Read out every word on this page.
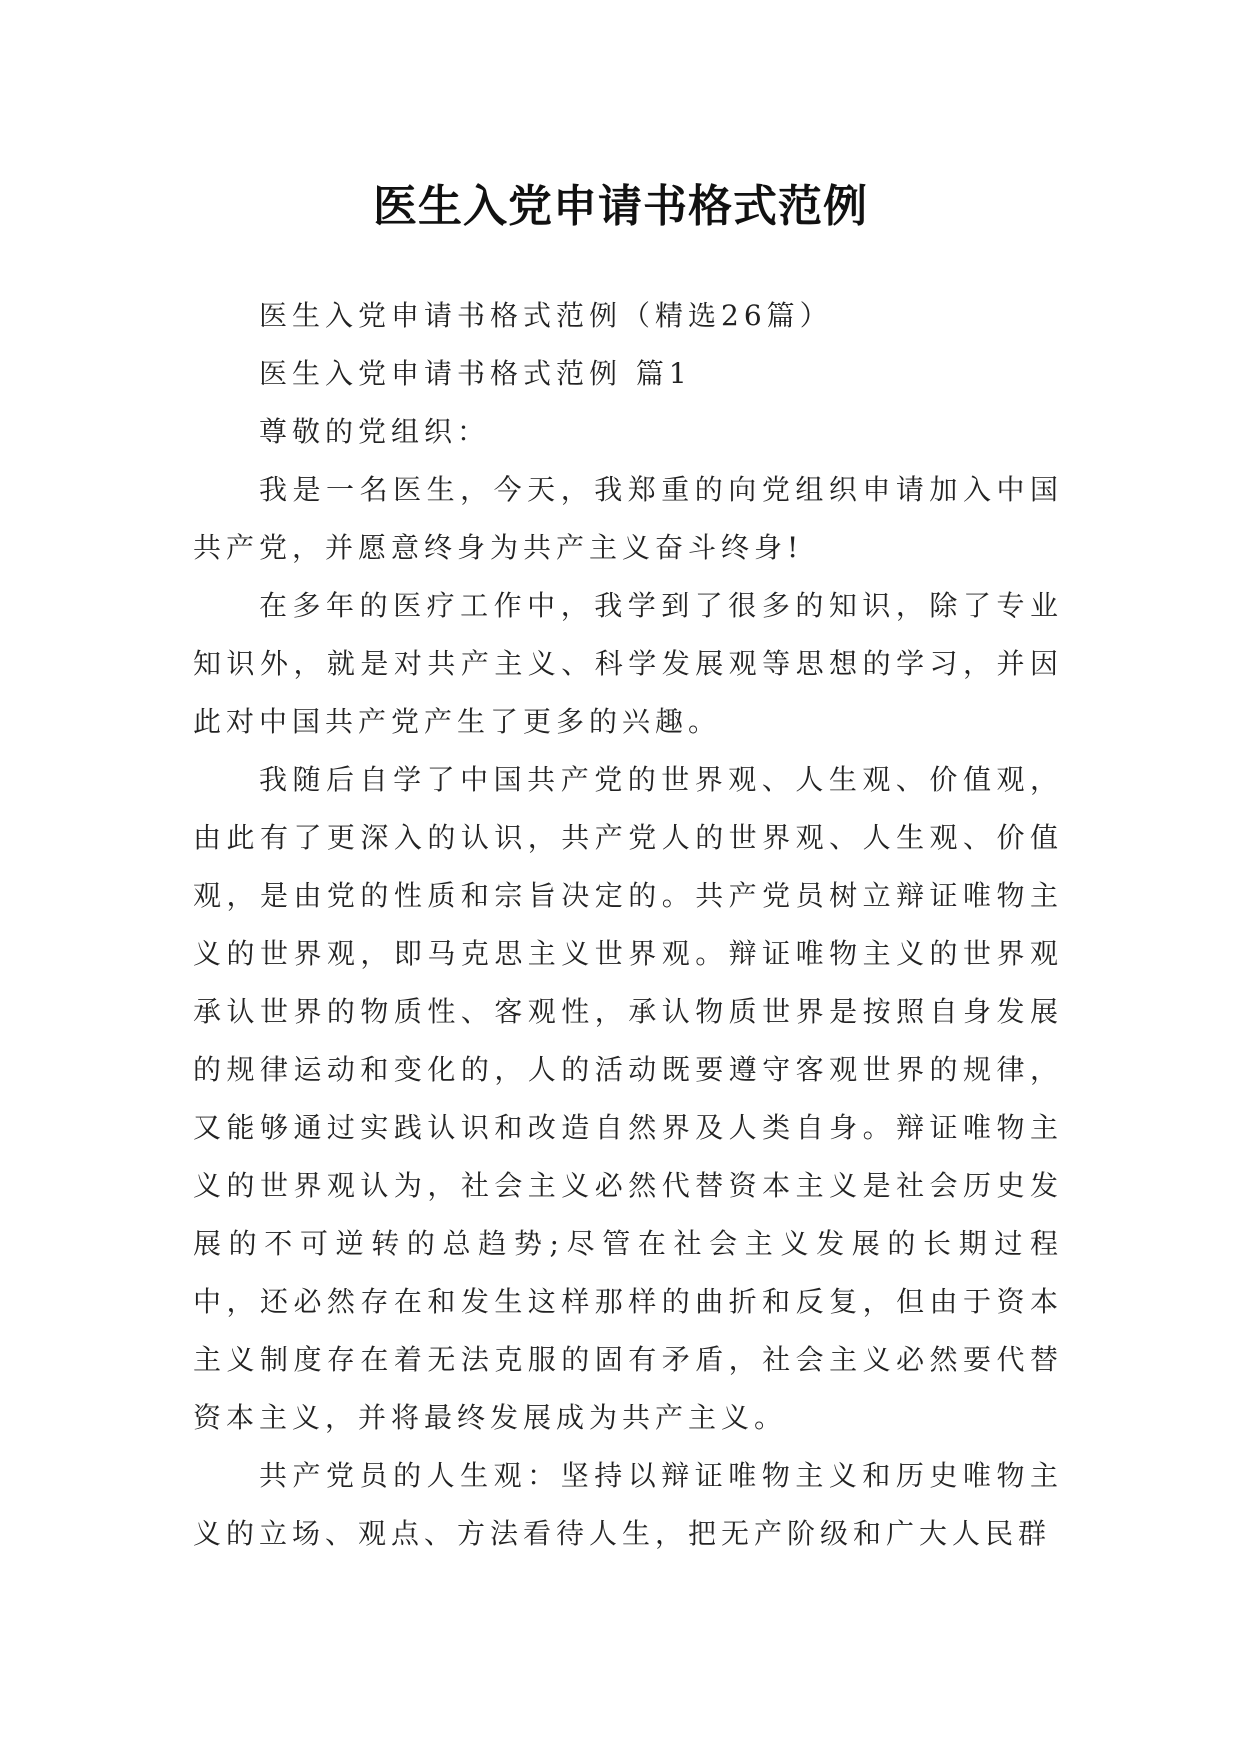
医生入党申请书格式范例

医生入党申请书格式范例（精选26篇）

医生入党申请书格式范例 篇1

尊敬的党组织：

我是一名医生，今天，我郑重的向党组织申请加入中国共产党，并愿意终身为共产主义奋斗终身!

在多年的医疗工作中，我学到了很多的知识，除了专业知识外，就是对共产主义、科学发展观等思想的学习，并因此对中国共产党产生了更多的兴趣。

我随后自学了中国共产党的世界观、人生观、价值观，由此有了更深入的认识，共产党人的世界观、人生观、价值观，是由党的性质和宗旨决定的。共产党员树立辩证唯物主义的世界观，即马克思主义世界观。辩证唯物主义的世界观承认世界的物质性、客观性，承认物质世界是按照自身发展的规律运动和变化的，人的活动既要遵守客观世界的规律，又能够通过实践认识和改造自然界及人类自身。辩证唯物主义的世界观认为，社会主义必然代替资本主义是社会历史发展的不可逆转的总趋势;尽管在社会主义发展的长期过程中，还必然存在和发生这样那样的曲折和反复，但由于资本主义制度存在着无法克服的固有矛盾，社会主义必然要代替资本主义，并将最终发展成为共产主义。

共产党员的人生观：坚持以辩证唯物主义和历史唯物主义的立场、观点、方法看待人生，把无产阶级和广大人民群
